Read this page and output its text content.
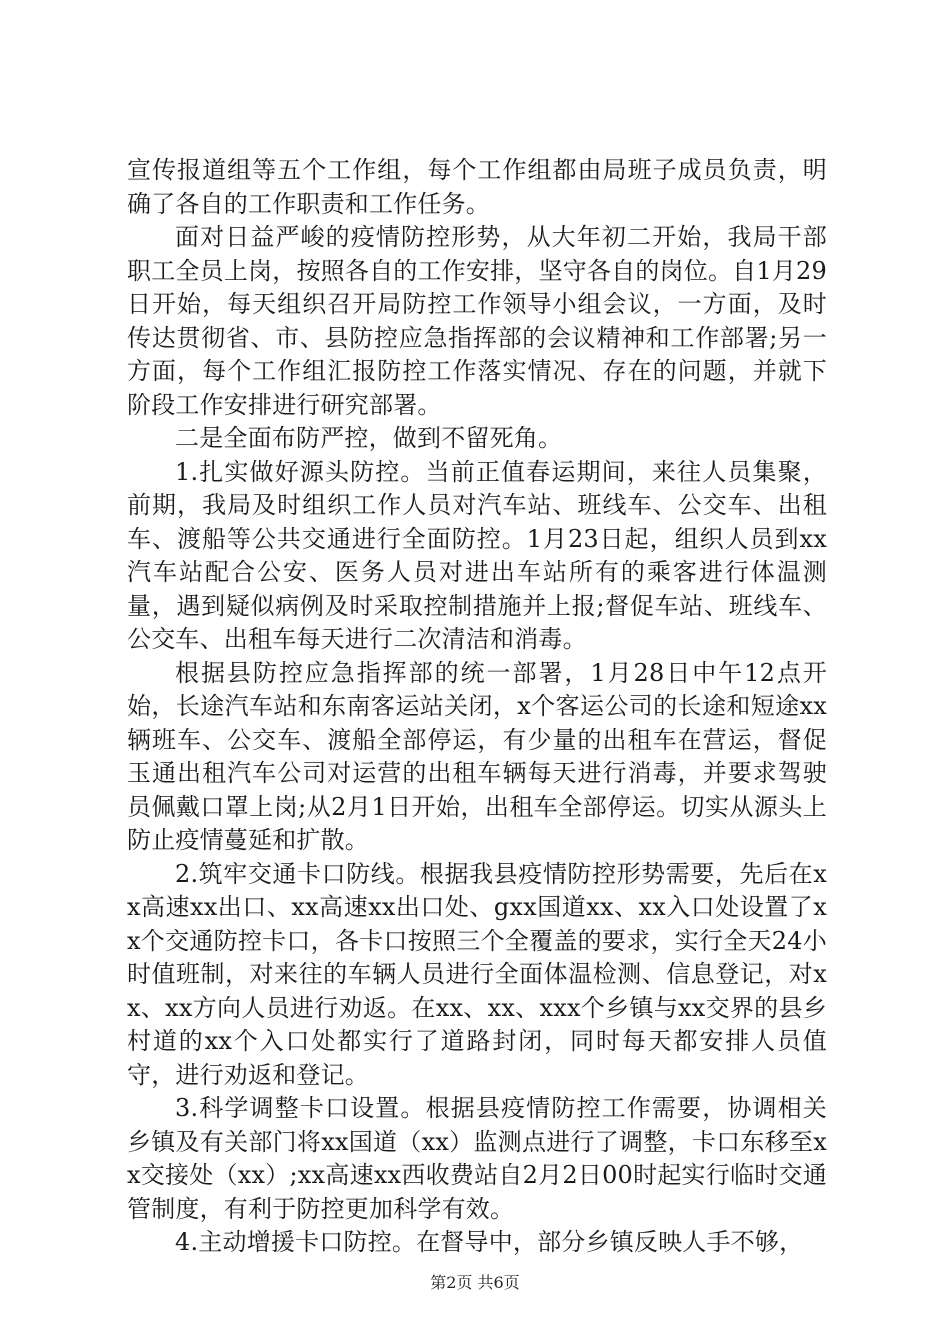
宣传报道组等五个工作组，每个工作组都由局班子成员负责，明确了各自的工作职责和工作任务。

面对日益严峻的疫情防控形势，从大年初二开始，我局干部职工全员上岗，按照各自的工作安排，坚守各自的岗位。自1月29日开始，每天组织召开局防控工作领导小组会议，一方面，及时传达贯彻省、市、县防控应急指挥部的会议精神和工作部署;另一方面，每个工作组汇报防控工作落实情况、存在的问题，并就下阶段工作安排进行研究部署。

二是全面布防严控，做到不留死角。

1.扎实做好源头防控。当前正值春运期间，来往人员集聚，前期，我局及时组织工作人员对汽车站、班线车、公交车、出租车、渡船等公共交通进行全面防控。1月23日起，组织人员到xx汽车站配合公安、医务人员对进出车站所有的乘客进行体温测量，遇到疑似病例及时采取控制措施并上报;督促车站、班线车、公交车、出租车每天进行二次清洁和消毒。

根据县防控应急指挥部的统一部署，1月28日中午12点开始，长途汽车站和东南客运站关闭，x个客运公司的长途和短途xx辆班车、公交车、渡船全部停运，有少量的出租车在营运，督促玉通出租汽车公司对运营的出租车辆每天进行消毒，并要求驾驶员佩戴口罩上岗;从2月1日开始，出租车全部停运。切实从源头上防止疫情蔓延和扩散。

2.筑牢交通卡口防线。根据我县疫情防控形势需要，先后在xx高速xx出口、xx高速xx出口处、gxx国道xx、xx入口处设置了xx个交通防控卡口，各卡口按照三个全覆盖的要求，实行全天24小时值班制，对来往的车辆人员进行全面体温检测、信息登记，对xx、xx方向人员进行劝返。在xx、xx、xxx个乡镇与xx交界的县乡村道的xx个入口处都实行了道路封闭，同时每天都安排人员值守，进行劝返和登记。

3.科学调整卡口设置。根据县疫情防控工作需要，协调相关乡镇及有关部门将xx国道（xx）监测点进行了调整，卡口东移至xx交接处（xx）;xx高速xx西收费站自2月2日00时起实行临时交通管制度，有利于防控更加科学有效。

4.主动增援卡口防控。在督导中，部分乡镇反映人手不够，

第2页 共6页
